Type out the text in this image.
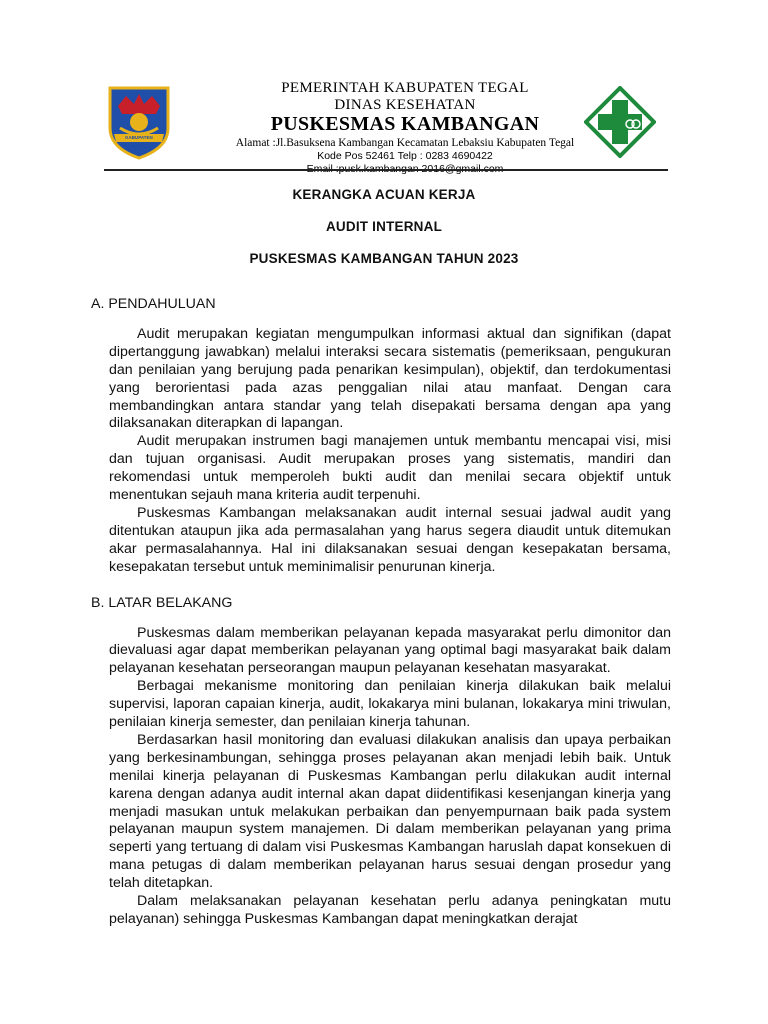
KABUPATEN TEGAL
PEMERINTAH KABUPATEN TEGAL
DINAS KESEHATAN
PUSKESMAS KAMBANGAN
Alamat :Jl.Basuksena Kambangan Kecamatan Lebaksiu Kabupaten Tegal
Kode Pos 52461 Telp : 0283 4690422
Email :pusk.kambangan 2016@gmail.com
KERANGKA ACUAN KERJA
AUDIT INTERNAL
PUSKESMAS KAMBANGAN TAHUN 2023
A. PENDAHULUAN

Audit merupakan kegiatan mengumpulkan informasi aktual dan signifikan (dapat dipertanggung jawabkan) melalui interaksi secara sistematis (pemeriksaan, pengukuran dan penilaian yang berujung pada penarikan kesimpulan), objektif, dan terdokumentasi yang berorientasi pada azas penggalian nilai atau manfaat. Dengan cara membandingkan antara standar yang telah disepakati bersama dengan apa yang dilaksanakan diterapkan di lapangan.

Audit merupakan instrumen bagi manajemen untuk membantu mencapai visi, misi dan tujuan organisasi. Audit merupakan proses yang sistematis, mandiri dan rekomendasi untuk memperoleh bukti audit dan menilai secara objektif untuk menentukan sejauh mana kriteria audit terpenuhi.

Puskesmas Kambangan melaksanakan audit internal sesuai jadwal audit yang ditentukan ataupun jika ada permasalahan yang harus segera diaudit untuk ditemukan akar permasalahannya. Hal ini dilaksanakan sesuai dengan kesepakatan bersama, kesepakatan tersebut untuk meminimalisir penurunan kinerja.

B. LATAR BELAKANG

Puskesmas dalam memberikan pelayanan kepada masyarakat perlu dimonitor dan dievaluasi agar dapat memberikan pelayanan yang optimal bagi masyarakat baik dalam pelayanan kesehatan perseorangan maupun pelayanan kesehatan masyarakat.

Berbagai mekanisme monitoring dan penilaian kinerja dilakukan baik melalui supervisi, laporan capaian kinerja, audit, lokakarya mini bulanan, lokakarya mini triwulan, penilaian kinerja semester, dan penilaian kinerja tahunan.

Berdasarkan hasil monitoring dan evaluasi dilakukan analisis dan upaya perbaikan yang berkesinambungan, sehingga proses pelayanan akan menjadi lebih baik. Untuk menilai kinerja pelayanan di Puskesmas Kambangan perlu dilakukan audit internal karena dengan adanya audit internal akan dapat diidentifikasi kesenjangan kinerja yang menjadi masukan untuk melakukan perbaikan dan penyempurnaan baik pada system pelayanan maupun system manajemen. Di dalam memberikan pelayanan yang prima seperti yang tertuang di dalam visi Puskesmas Kambangan haruslah dapat konsekuen di mana petugas di dalam memberikan pelayanan harus sesuai dengan prosedur yang telah ditetapkan.

Dalam melaksanakan pelayanan kesehatan perlu adanya peningkatan mutu pelayanan) sehingga Puskesmas Kambangan dapat meningkatkan derajat
